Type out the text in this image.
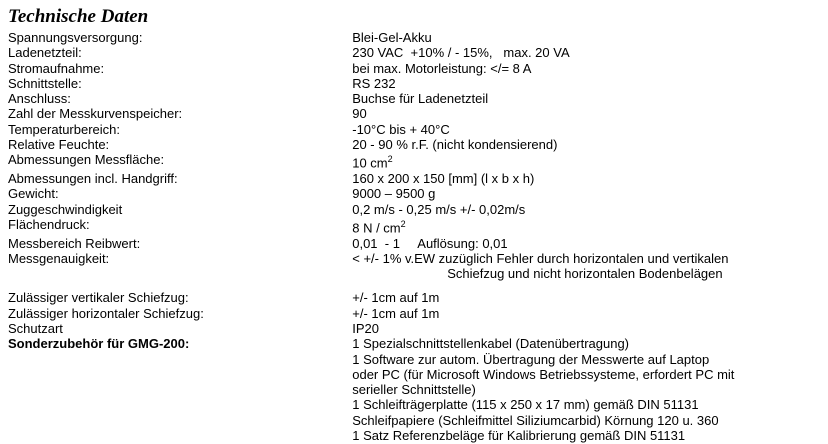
Technische Daten
Spannungsversorgung:	Blei-Gel-Akku
Ladenetzteil:	230 VAC  +10% / - 15%,   max. 20 VA
Stromaufnahme:	bei max. Motorleistung: </= 8 A
Schnittstelle:	RS 232
Anschluss:	Buchse für Ladenetzteil
Zahl der Messkurvenspeicher:	90
Temperaturbereich:	-10°C bis + 40°C
Relative Feuchte:	20 - 90 % r.F. (nicht kondensierend)
Abmessungen Messfläche:	10 $cm^2$
Abmessungen incl. Handgriff:	160 x 200 x 150 [mm] (l x b x h)
Gewicht:	9000 – 9500 g
Zuggeschwindigkeit	0,2 m/s - 0,25 m/s +/- 0,02m/s
Flächendruck:	8 N / $cm^2$
Messbereich Reibwert:	0,01  - 1     Auflösung: 0,01
Messgenauigkeit:	< +/- 1% v.EW zuzüglich Fehler durch horizontalen und vertikalen
	Schiefzug und nicht horizontalen Bodenbelägen

Zulässiger vertikaler Schiefzug:	+/- 1cm auf 1m
Zulässiger horizontaler Schiefzug:	+/- 1cm auf 1m
Schutzart	IP20
Sonderzubehör für GMG-200:	1 Spezialschnittstellenkabel (Datenübertragung)
	1 Software zur autom. Übertragung der Messwerte auf Laptop
	oder PC (für Microsoft Windows Betriebssysteme, erfordert PC mit
	serieller Schnittstelle)
	1 Schleifträgerplatte (115 x 250 x 17 mm) gemäß DIN 51131
	Schleifpapiere (Schleifmittel Siliziumcarbid) Körnung 120 u. 360
	1 Satz Referenzbeläge für Kalibrierung gemäß DIN 51131
